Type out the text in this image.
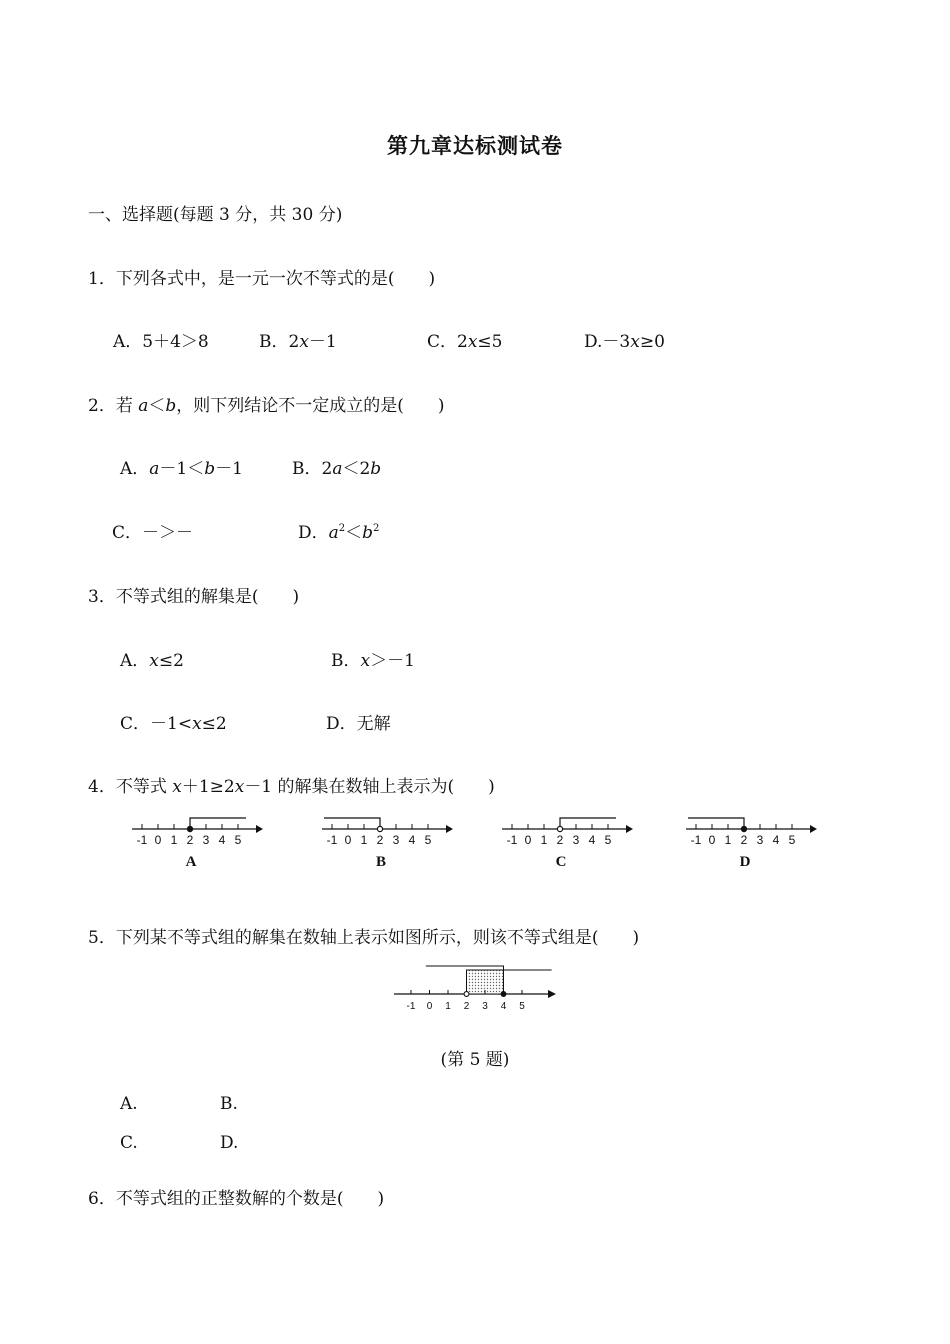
第九章达标测试卷
一、选择题(每题 3 分，共 30 分)
1．下列各式中，是一元一次不等式的是(　　)
A．5＋4＞8	B．2x－1	C．2x≤5	D.－3x≥0
2．若 a＜b，则下列结论不一定成立的是(　　)
A．a－1＜b－1	B．2a＜2b
C．－＞－	D．$a^2<b^2$
3．不等式组的解集是(　　)
A．x≤2	B．x＞－1
C．－1<x≤2	D．无解
4．不等式 x＋1≥2x－1 的解集在数轴上表示为(　　)
-1 0 1 2 3 4 5
A
-1 0 1 2 3 4 5
B
-1 0 1 2 3 4 5
C
-1 0 1 2 3 4 5
D
5．下列某不等式组的解集在数轴上表示如图所示，则该不等式组是(　　)
-1 0 1 2 3 4 5
(第 5 题)
A.	B.
C.	D.
6．不等式组的正整数解的个数是(　　)
